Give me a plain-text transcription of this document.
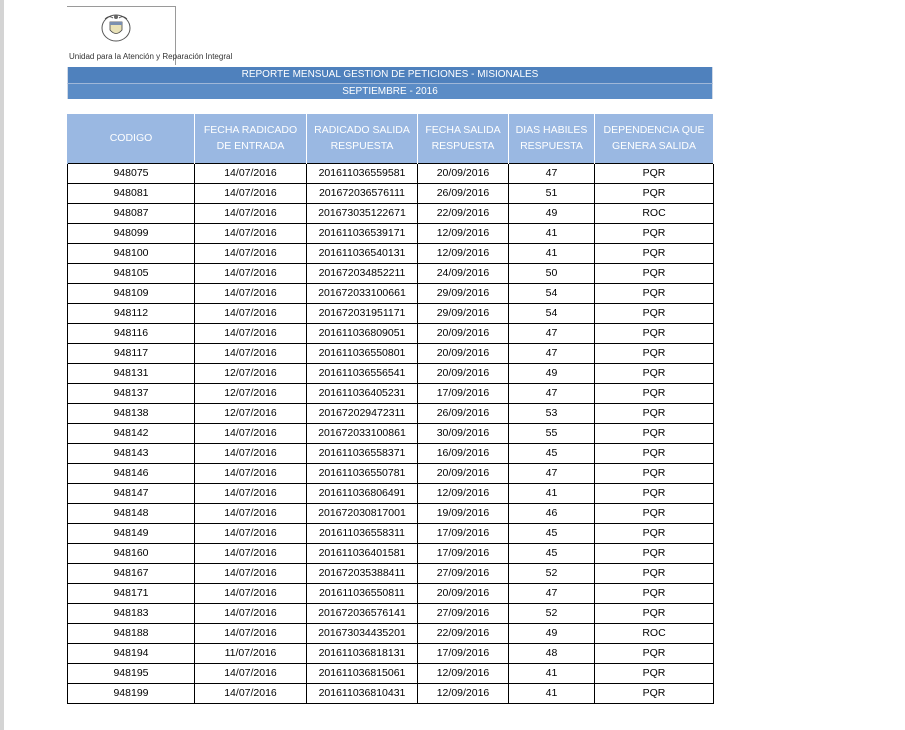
Unidad para la Atención y Reparación Integral
REPORTE MENSUAL GESTION DE PETICIONES - MISIONALES
SEPTIEMBRE - 2016
CODIGO	FECHA RADICADO DE ENTRADA	RADICADO SALIDA RESPUESTA	FECHA SALIDA RESPUESTA	DIAS HABILES RESPUESTA	DEPENDENCIA QUE GENERA SALIDA
948075	14/07/2016	201611036559581	20/09/2016	47	PQR
948081	14/07/2016	201672036576111	26/09/2016	51	PQR
948087	14/07/2016	201673035122671	22/09/2016	49	ROC
948099	14/07/2016	201611036539171	12/09/2016	41	PQR
948100	14/07/2016	201611036540131	12/09/2016	41	PQR
948105	14/07/2016	201672034852211	24/09/2016	50	PQR
948109	14/07/2016	201672033100661	29/09/2016	54	PQR
948112	14/07/2016	201672031951171	29/09/2016	54	PQR
948116	14/07/2016	201611036809051	20/09/2016	47	PQR
948117	14/07/2016	201611036550801	20/09/2016	47	PQR
948131	12/07/2016	201611036556541	20/09/2016	49	PQR
948137	12/07/2016	201611036405231	17/09/2016	47	PQR
948138	12/07/2016	201672029472311	26/09/2016	53	PQR
948142	14/07/2016	201672033100861	30/09/2016	55	PQR
948143	14/07/2016	201611036558371	16/09/2016	45	PQR
948146	14/07/2016	201611036550781	20/09/2016	47	PQR
948147	14/07/2016	201611036806491	12/09/2016	41	PQR
948148	14/07/2016	201672030817001	19/09/2016	46	PQR
948149	14/07/2016	201611036558311	17/09/2016	45	PQR
948160	14/07/2016	201611036401581	17/09/2016	45	PQR
948167	14/07/2016	201672035388411	27/09/2016	52	PQR
948171	14/07/2016	201611036550811	20/09/2016	47	PQR
948183	14/07/2016	201672036576141	27/09/2016	52	PQR
948188	14/07/2016	201673034435201	22/09/2016	49	ROC
948194	11/07/2016	201611036818131	17/09/2016	48	PQR
948195	14/07/2016	201611036815061	12/09/2016	41	PQR
948199	14/07/2016	201611036810431	12/09/2016	41	PQR
